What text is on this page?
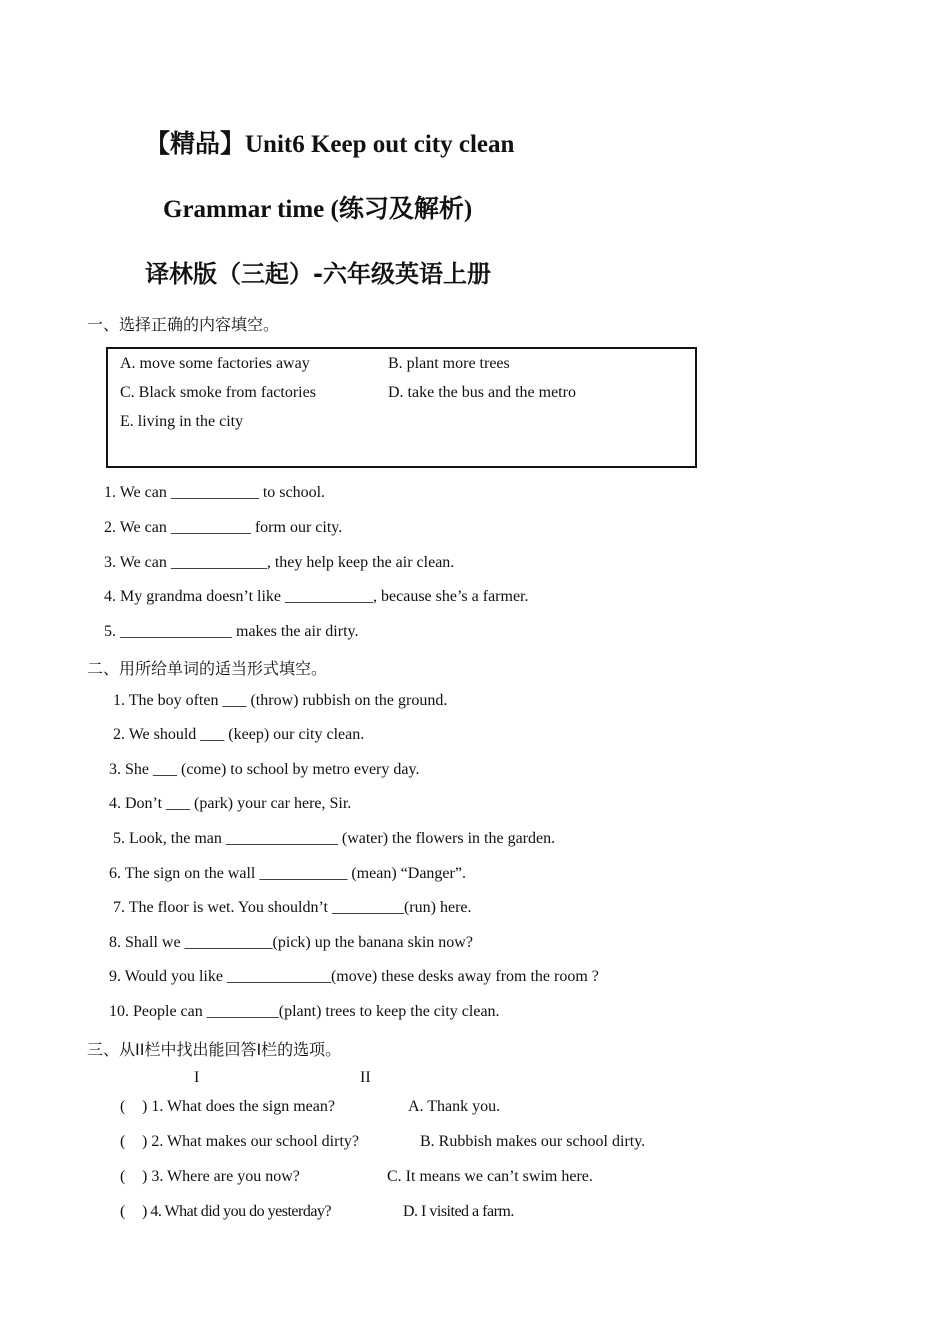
【精品】Unit6 Keep out city clean
Grammar time (练习及解析)
译林版（三起）-六年级英语上册
一、选择正确的内容填空。
A. move some factories away	B. plant more trees
C. Black smoke from factories	D. take the bus and the metro
E. living in the city
1. We can ___________ to school.
2. We can __________ form our city.
3. We can ____________, they help keep the air clean.
4. My grandma doesn’t like ___________, because she’s a farmer.
5. ______________ makes the air dirty.
二、用所给单词的适当形式填空。
1. The boy often ___ (throw) rubbish on the ground.
2. We should ___ (keep) our city clean.
3. She ___ (come) to school by metro every day.
4. Don’t ___ (park) your car here, Sir.
5. Look, the man ______________ (water) the flowers in the garden.
6. The sign on the wall ___________ (mean) “Danger”.
7. The floor is wet. You shouldn’t _________(run) here.
8. Shall we ___________(pick) up the banana skin now?
9. Would you like _____________(move) these desks away from the room ?
10. People can _________(plant) trees to keep the city clean.
三、从II栏中找出能回答I栏的选项。
I	II
( ) 1. What does the sign mean?	A. Thank you.
( ) 2. What makes our school dirty?	B. Rubbish makes our school dirty.
( ) 3. Where are you now?	C. It means we can’t swim here.
( ) 4. What did you do yesterday?	D. I visited a farm.
